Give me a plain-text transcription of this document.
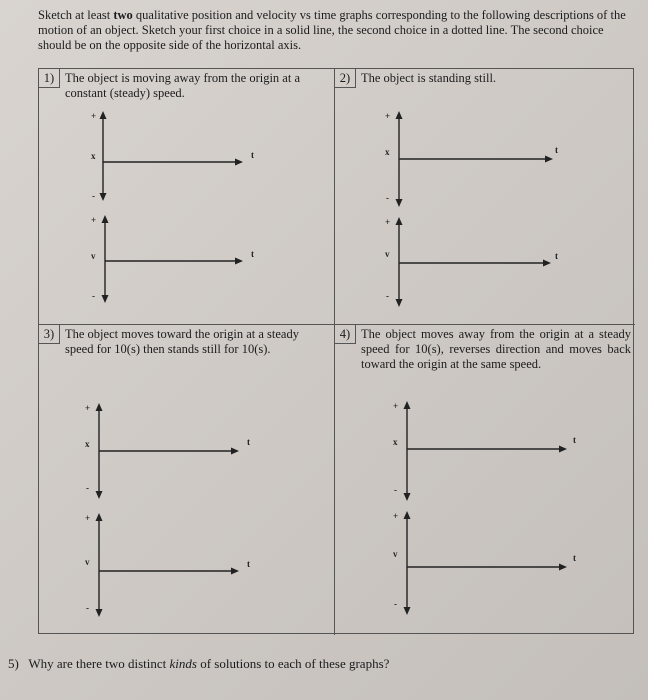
Sketch at least two qualitative position and velocity vs time graphs corresponding to the following descriptions of the motion of an object. Sketch your first choice in a solid line, the second choice in a dotted line. The second choice should be on the opposite side of the horizontal axis.
1) The object is moving away from the origin at a constant (steady) speed.
+
x
-
t
+
v
-
t
2) The object is standing still.
+
x
-
t
+
v
-
t
3) The object moves toward the origin at a steady speed for 10(s) then stands still for 10(s).
+
x
-
t
+
v
-
t
4) The object moves away from the origin at a steady speed for 10(s), reverses direction and moves back toward the origin at the same speed.
+
x
-
t
+
v
-
t
5) Why are there two distinct kinds of solutions to each of these graphs?
